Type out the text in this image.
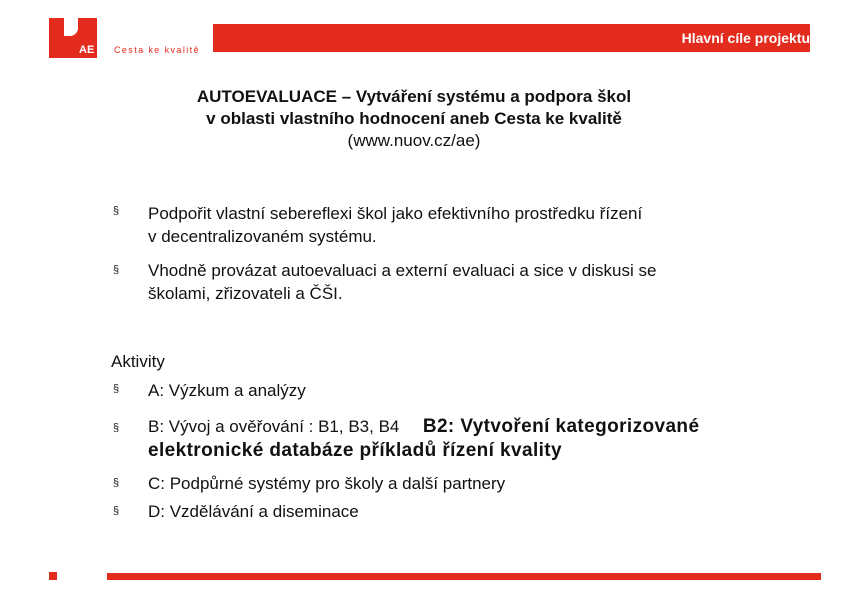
AE Cesta ke kvalitě
Hlavní cíle projektu
AUTOEVALUACE – Vytváření systému a podpora škol
v oblasti vlastního hodnocení aneb Cesta ke kvalitě
(www.nuov.cz/ae)
§ Podpořit vlastní sebereflexi škol jako efektivního prostředku řízení
v decentralizovaném systému.
§ Vhodně provázat autoevaluaci a externí evaluaci a sice v diskusi se
školami, zřizovateli a ČŠI.
Aktivity
§ A: Výzkum a analýzy
§ B: Vývoj a ověřování : B1, B3, B4 B2: Vytvoření kategorizované
elektronické databáze příkladů řízení kvality
§ C: Podpůrné systémy pro školy a další partnery
§ D: Vzdělávání a diseminace
